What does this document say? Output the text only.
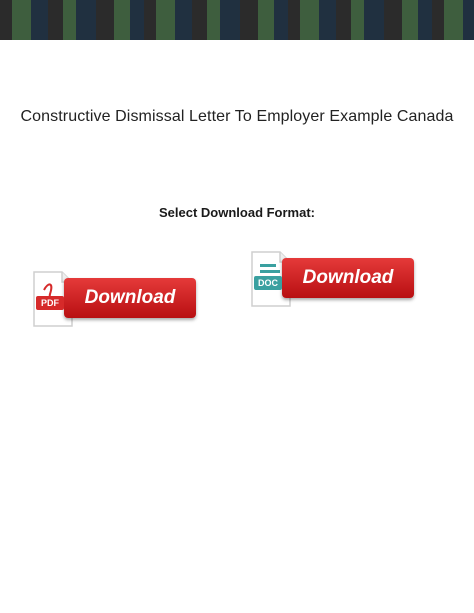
Constructive Dismissal Letter To Employer Example Canada
Select Download Format:
PDF	Download
DOC	Download
